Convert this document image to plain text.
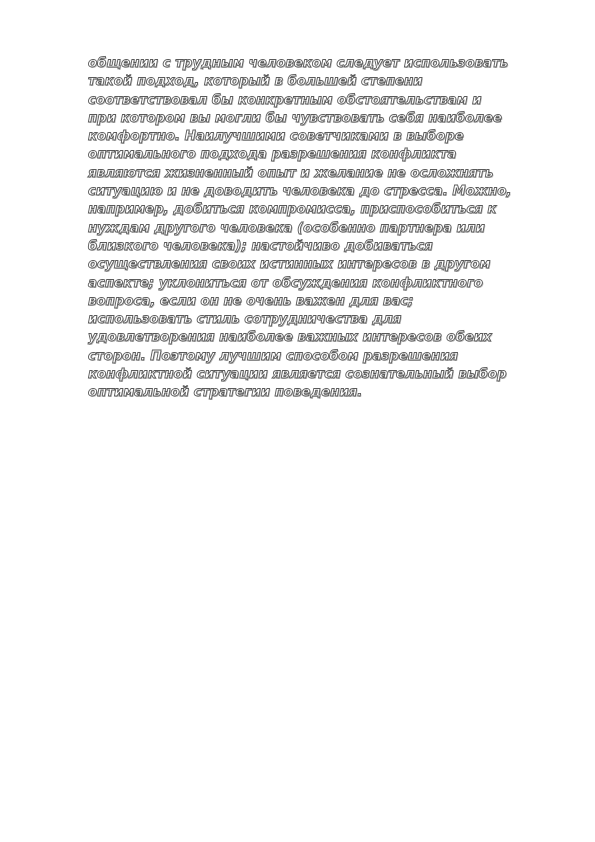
общении с трудным человеком следует использовать
такой подход, который в большей степени
соответствовал бы конкретным обстоятельствам и
при котором вы могли бы чувствовать себя наиболее
комфортно. Наилучшими советчиками в выборе
оптимального подхода разрешения конфликта
являются жизненный опыт и желание не осложнять
ситуацию и не доводить человека до стресса. Можно,
например, добиться компромисса, приспособиться к
нуждам другого человека (особенно партнера или
близкого человека); настойчиво добиваться
осуществления своих истинных интересов в другом
аспекте; уклониться от обсуждения конфликтного
вопроса, если он не очень важен для вас;
использовать стиль сотрудничества для
удовлетворения наиболее важных интересов обеих
сторон. Поэтому лучшим способом разрешения
конфликтной ситуации является сознательный выбор
оптимальной стратегии поведения.
